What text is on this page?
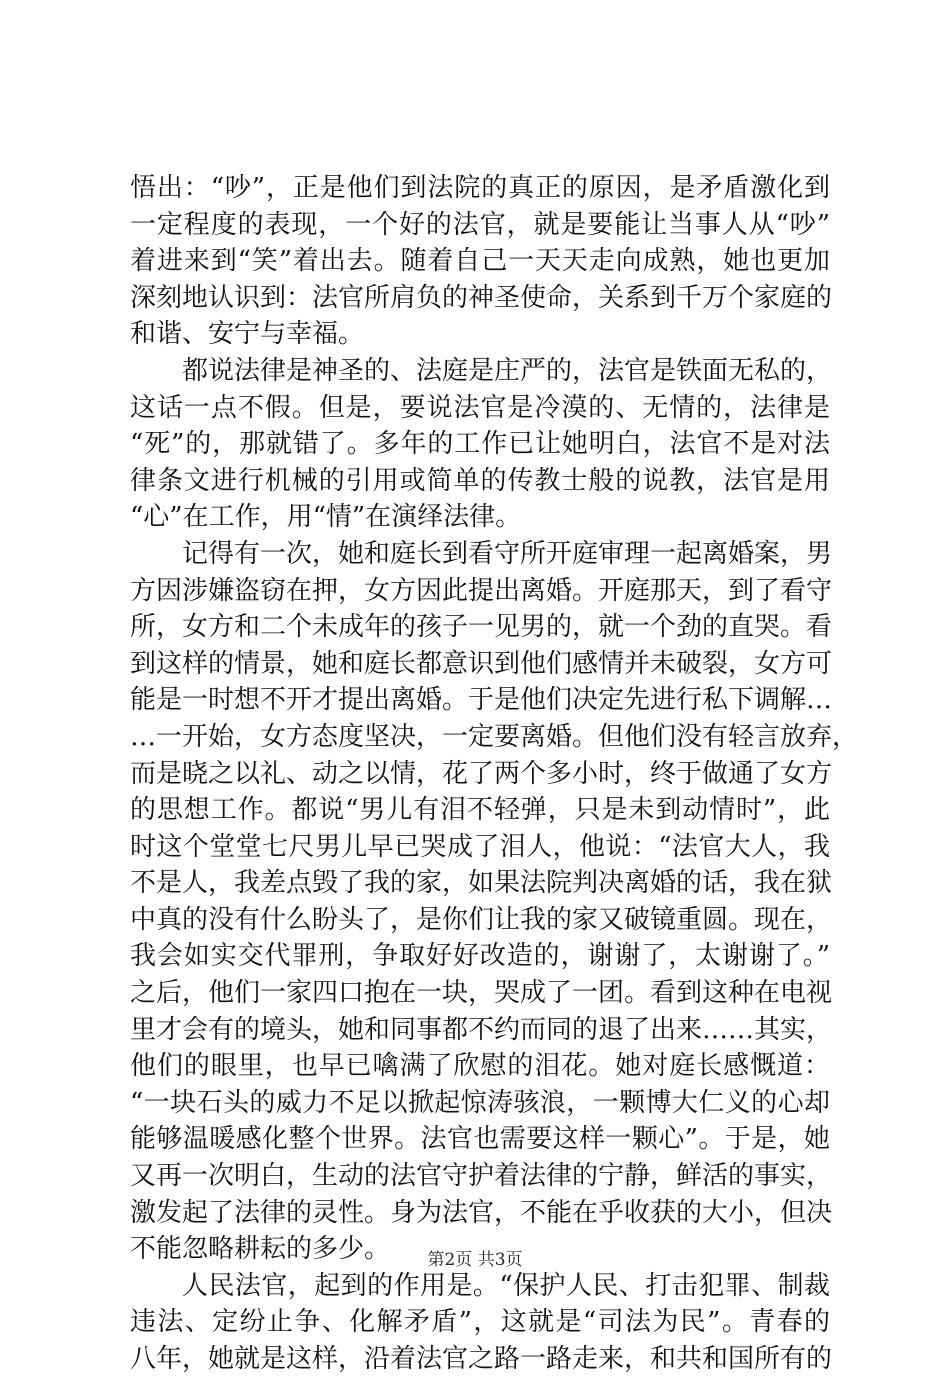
悟出：“吵”，正是他们到法院的真正的原因，是矛盾激化到
一定程度的表现，一个好的法官，就是要能让当事人从“吵”
着进来到“笑”着出去。随着自己一天天走向成熟，她也更加
深刻地认识到：法官所肩负的神圣使命，关系到千万个家庭的
和谐、安宁与幸福。
都说法律是神圣的、法庭是庄严的，法官是铁面无私的，
这话一点不假。但是，要说法官是冷漠的、无情的，法律是
“死”的，那就错了。多年的工作已让她明白，法官不是对法
律条文进行机械的引用或简单的传教士般的说教，法官是用
“心”在工作，用“情”在演绎法律。
记得有一次，她和庭长到看守所开庭审理一起离婚案，男
方因涉嫌盗窃在押，女方因此提出离婚。开庭那天，到了看守
所，女方和二个未成年的孩子一见男的，就一个劲的直哭。看
到这样的情景，她和庭长都意识到他们感情并未破裂，女方可
能是一时想不开才提出离婚。于是他们决定先进行私下调解…
…一开始，女方态度坚决，一定要离婚。但他们没有轻言放弃，
而是晓之以礼、动之以情，花了两个多小时，终于做通了女方
的思想工作。都说“男儿有泪不轻弹，只是未到动情时”，此
时这个堂堂七尺男儿早已哭成了泪人，他说：“法官大人，我
不是人，我差点毁了我的家，如果法院判决离婚的话，我在狱
中真的没有什么盼头了，是你们让我的家又破镜重圆。现在，
我会如实交代罪刑，争取好好改造的，谢谢了，太谢谢了。”
之后，他们一家四口抱在一块，哭成了一团。看到这种在电视
里才会有的境头，她和同事都不约而同的退了出来……其实，
他们的眼里，也早已噙满了欣慰的泪花。她对庭长感慨道：
“一块石头的威力不足以掀起惊涛骇浪，一颗博大仁义的心却
能够温暖感化整个世界。法官也需要这样一颗心”。于是，她
又再一次明白，生动的法官守护着法律的宁静，鲜活的事实，
激发起了法律的灵性。身为法官，不能在乎收获的大小，但决
不能忽略耕耘的多少。
人民法官，起到的作用是。“保护人民、打击犯罪、制裁
违法、定纷止争、化解矛盾”，这就是“司法为民”。青春的
八年，她就是这样，沿着法官之路一路走来，和共和国所有的
第2页 共3页
